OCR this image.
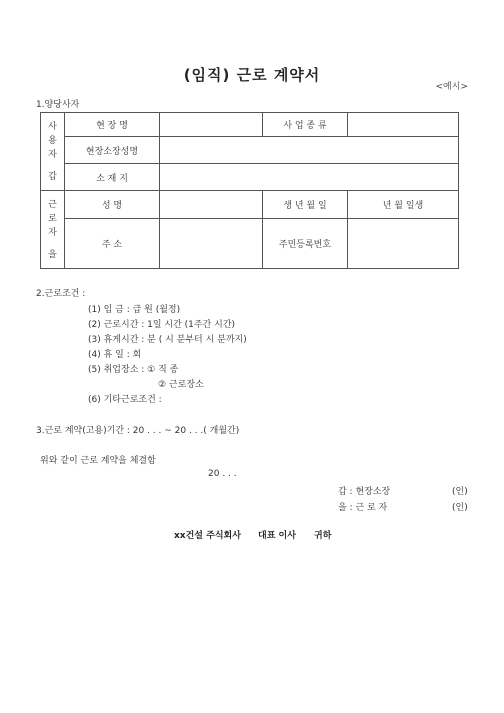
(임직) 근로 계약서
<예시>
1.양당사자
사
용
자
갑	현 장 명		사 업 종 류	
	현장소장성명			
	소 재 지			

근
로
자
을	성 명		생 년 월 일	년 월 일생
	주 소		주민등록번호	
2.근로조건 :
(1) 임 금 : 급 원 (월정)
(2) 근로시간 : 1일 시간 (1주간 시간)
(3) 휴게시간 : 분 ( 시 분부터 시 분까지)
(4) 휴 일 : 회
(5) 취업장소 : ① 직 종
② 근로장소
(6) 기타근로조건 :
3.근로 계약(고용)기간 : 20 . . . ~ 20 . . .( 개월간)
위와 같이 근로 계약을 체결함
20 . . .
갑 : 현장소장	(인)
을 : 근 로 자	(인)
xx건설 주식회사 대표 이사 귀하
